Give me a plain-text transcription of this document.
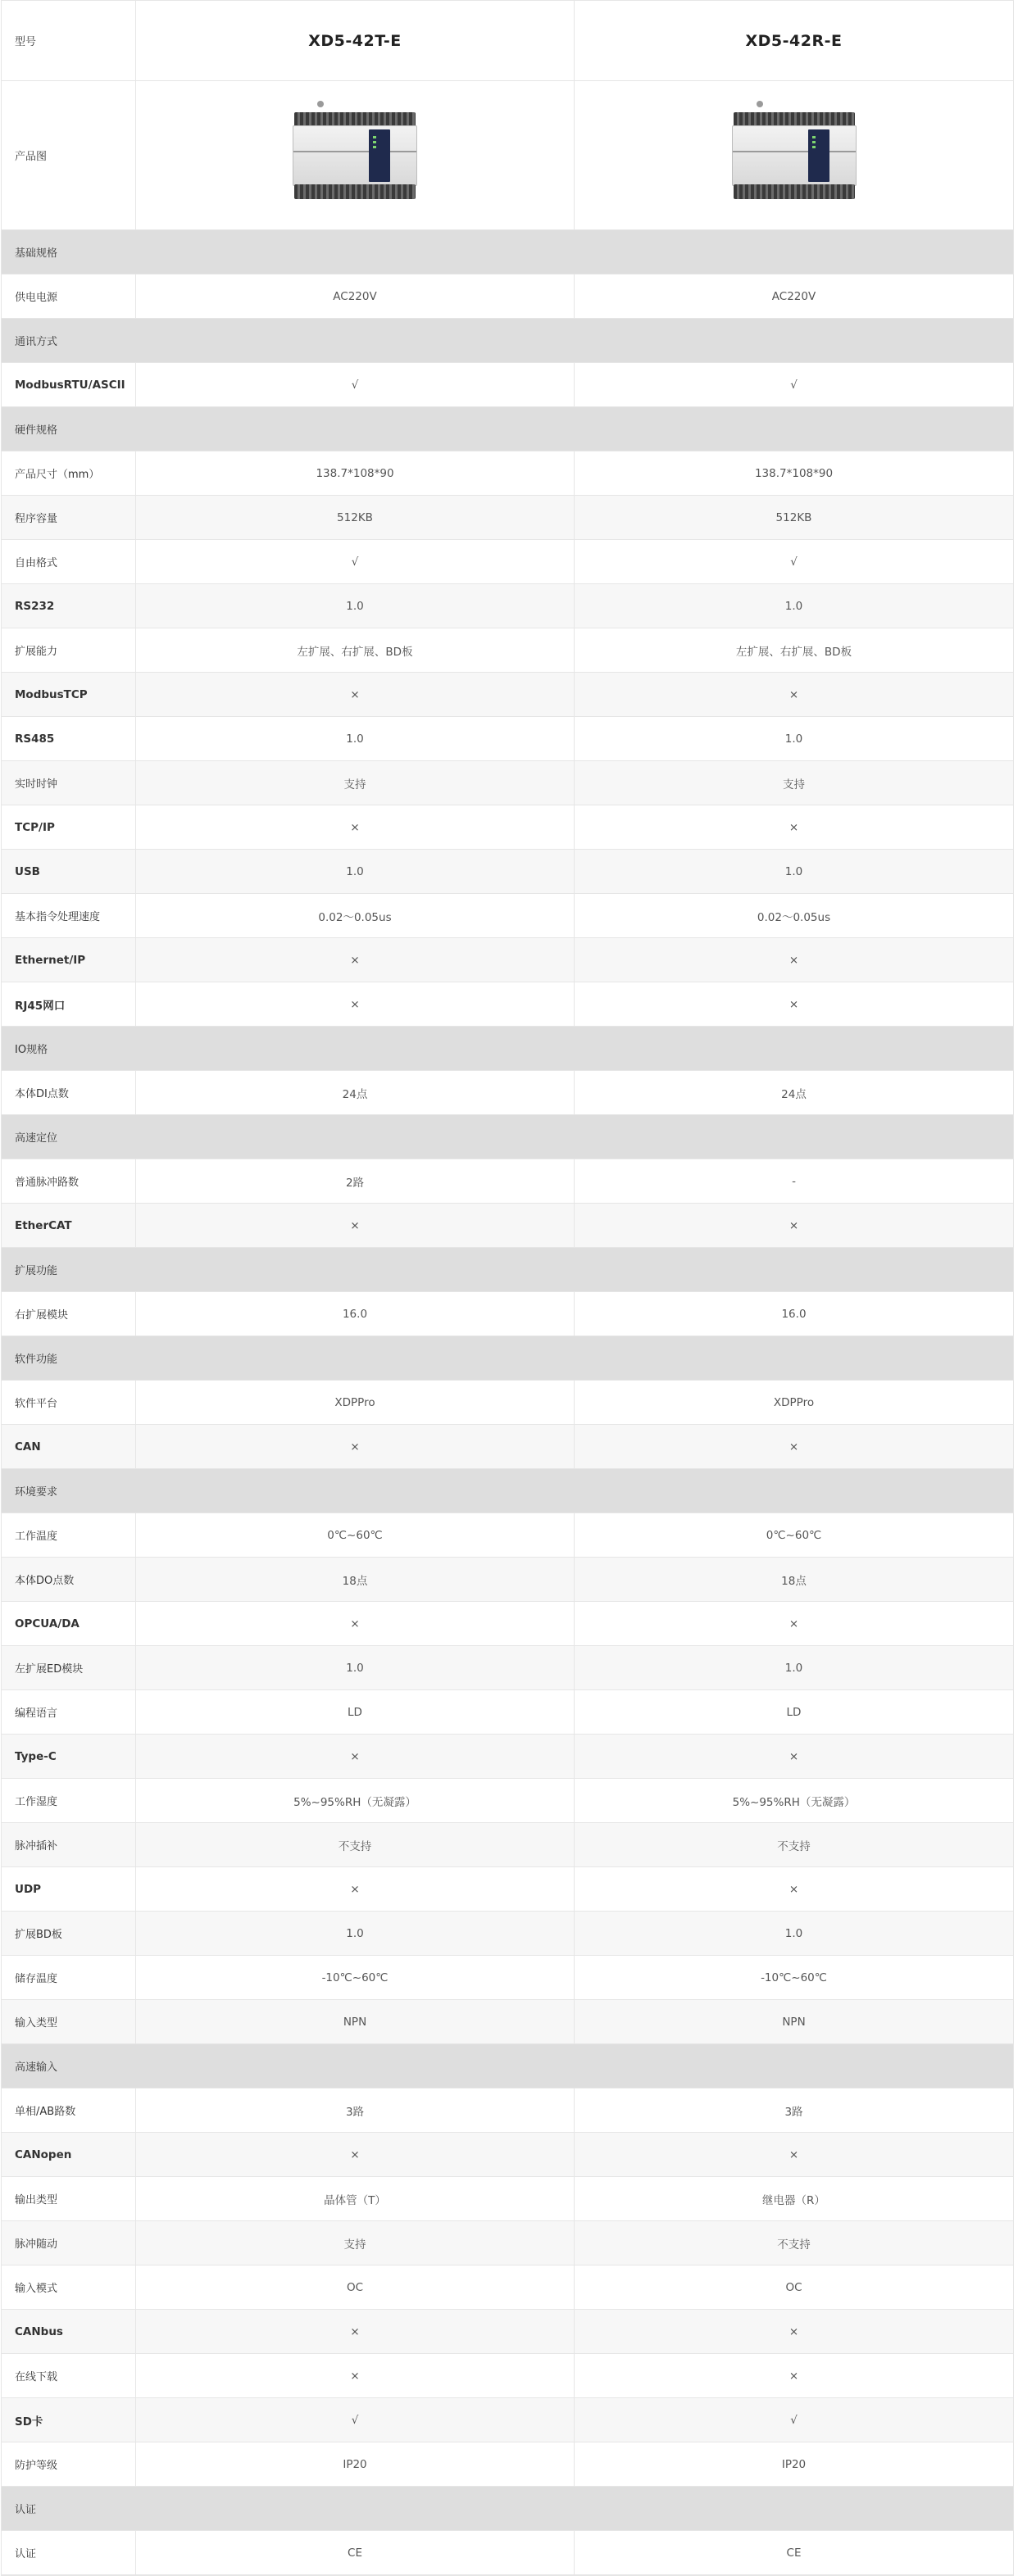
型号	XD5-42T-E	XD5-42R-E
产品图
基础规格
供电电源	AC220V	AC220V
通讯方式
ModbusRTU/ASCII	√	√
硬件规格
产品尺寸（mm）	138.7*108*90	138.7*108*90
程序容量	512KB	512KB
自由格式	√	√
RS232	1.0	1.0
扩展能力	左扩展、右扩展、BD板	左扩展、右扩展、BD板
ModbusTCP	×	×
RS485	1.0	1.0
实时时钟	支持	支持
TCP/IP	×	×
USB	1.0	1.0
基本指令处理速度	0.02～0.05us	0.02～0.05us
Ethernet/IP	×	×
RJ45网口	×	×
IO规格
本体DI点数	24点	24点
高速定位
普通脉冲路数	2路	-
EtherCAT	×	×
扩展功能
右扩展模块	16.0	16.0
软件功能
软件平台	XDPPro	XDPPro
CAN	×	×
环境要求
工作温度	0℃~60℃	0℃~60℃
本体DO点数	18点	18点
OPCUA/DA	×	×
左扩展ED模块	1.0	1.0
编程语言	LD	LD
Type-C	×	×
工作湿度	5%~95%RH（无凝露）	5%~95%RH（无凝露）
脉冲插补	不支持	不支持
UDP	×	×
扩展BD板	1.0	1.0
储存温度	-10℃~60℃	-10℃~60℃
输入类型	NPN	NPN
高速输入
单相/AB路数	3路	3路
CANopen	×	×
输出类型	晶体管（T）	继电器（R）
脉冲随动	支持	不支持
输入模式	OC	OC
CANbus	×	×
在线下载	×	×
SD卡	√	√
防护等级	IP20	IP20
认证
认证	CE	CE
